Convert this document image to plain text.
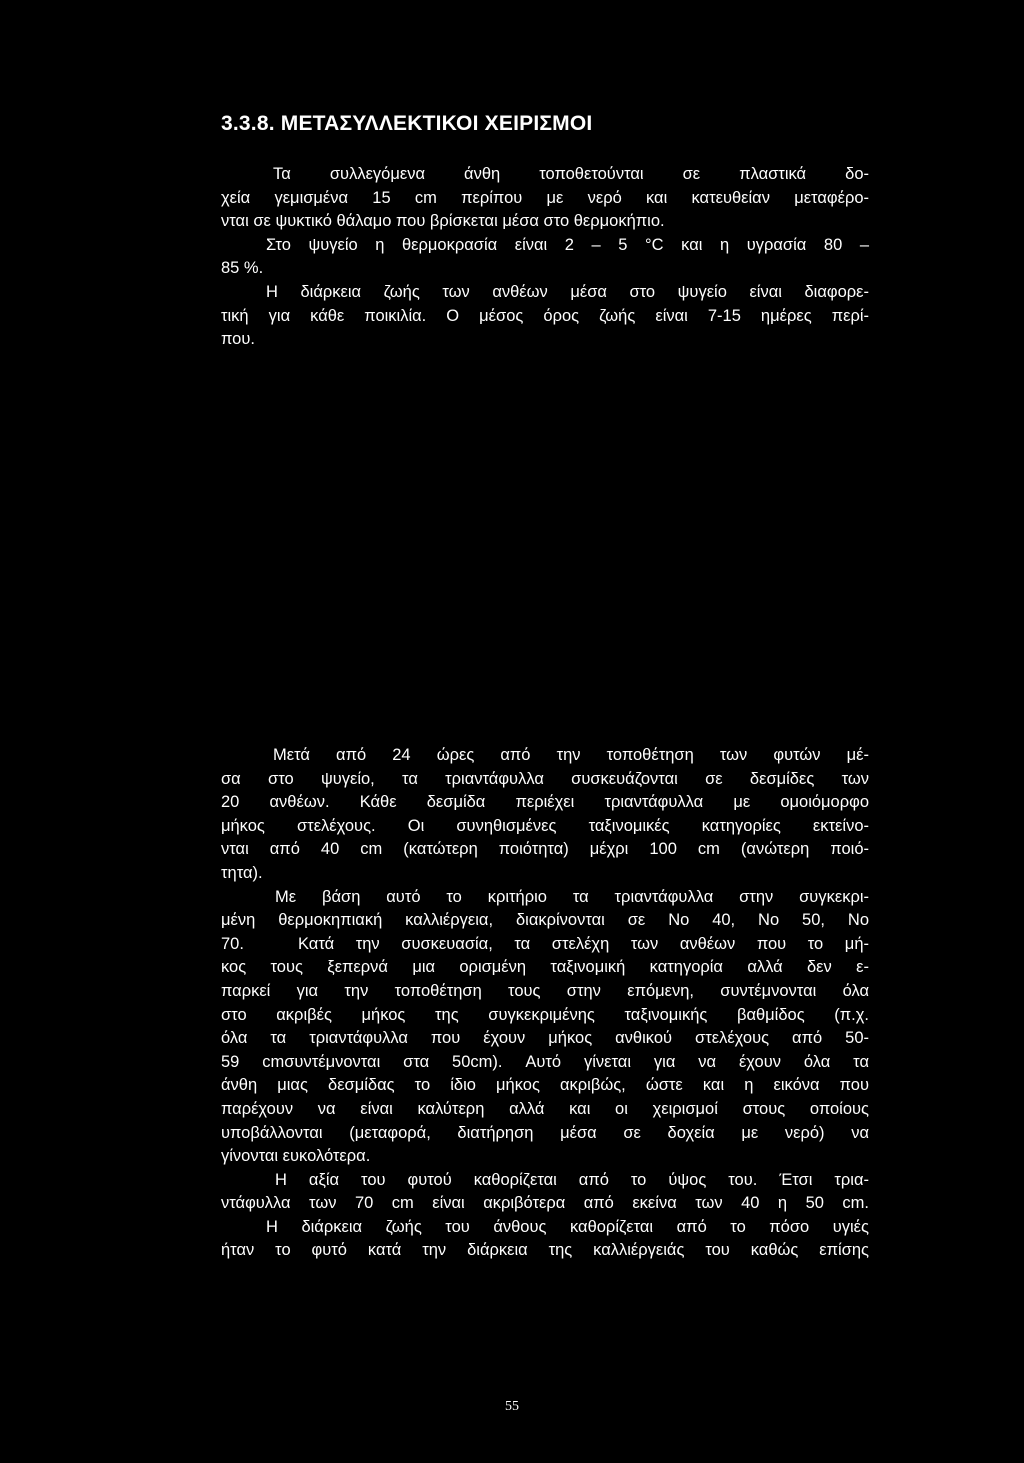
3.3.8. ΜΕΤΑΣΥΛΛΕΚΤΙΚΟΙ ΧΕΙΡΙΣΜΟΙ
Τα συλλεγόμενα άνθη τοποθετούνται σε πλαστικά δο-
χεία γεμισμένα 15 cm περίπου με νερό και κατευθείαν μεταφέρο-
νται σε ψυκτικό θάλαμο που βρίσκεται μέσα στο θερμοκήπιο.
Στο ψυγείο η θερμοκρασία είναι 2 – 5 °C και η υγρασία 80 –
85 %.
Η διάρκεια ζωής των ανθέων μέσα στο ψυγείο είναι διαφορε-
τική για κάθε ποικιλία. Ο μέσος όρος ζωής είναι 7-15 ημέρες περί-
που.
Μετά από 24 ώρες από την τοποθέτηση των φυτών μέ-
σα στο ψυγείο, τα τριαντάφυλλα συσκευάζονται σε δεσμίδες των
20 ανθέων. Κάθε δεσμίδα περιέχει τριαντάφυλλα με ομοιόμορφο
μήκος στελέχους. Οι συνηθισμένες ταξινομικές κατηγορίες εκτείνο-
νται από 40 cm (κατώτερη ποιότητα) μέχρι 100 cm (ανώτερη ποιό-
τητα).
Με βάση αυτό το κριτήριο τα τριαντάφυλλα στην συγκεκρι-
μένη θερμοκηπιακή καλλιέργεια, διακρίνονται σε Νο 40, Νο 50, Νο
70.	Κατά την συσκευασία, τα στελέχη των ανθέων που το μή-
κος τους ξεπερνά μια ορισμένη ταξινομική κατηγορία αλλά δεν ε-
παρκεί για την τοποθέτηση τους στην επόμενη, συντέμνονται όλα
στο ακριβές μήκος της συγκεκριμένης ταξινομικής βαθμίδος (π.χ.
όλα τα τριαντάφυλλα που έχουν μήκος ανθικού στελέχους από 50-
59 cmσυντέμνονται στα 50cm). Αυτό γίνεται για να έχουν όλα τα
άνθη μιας δεσμίδας το ίδιο μήκος ακριβώς, ώστε και η εικόνα που
παρέχουν να είναι καλύτερη αλλά και οι χειρισμοί στους οποίους
υποβάλλονται (μεταφορά, διατήρηση μέσα σε δοχεία με νερό) να
γίνονται ευκολότερα.
Η αξία του φυτού καθορίζεται από το ύψος του. Έτσι τρια-
ντάφυλλα των 70 cm είναι ακριβότερα από εκείνα των 40 η 50 cm.
Η διάρκεια ζωής του άνθους καθορίζεται από το πόσο υγιές
ήταν το φυτό κατά την διάρκεια της καλλιέργειάς του καθώς επίσης
55
